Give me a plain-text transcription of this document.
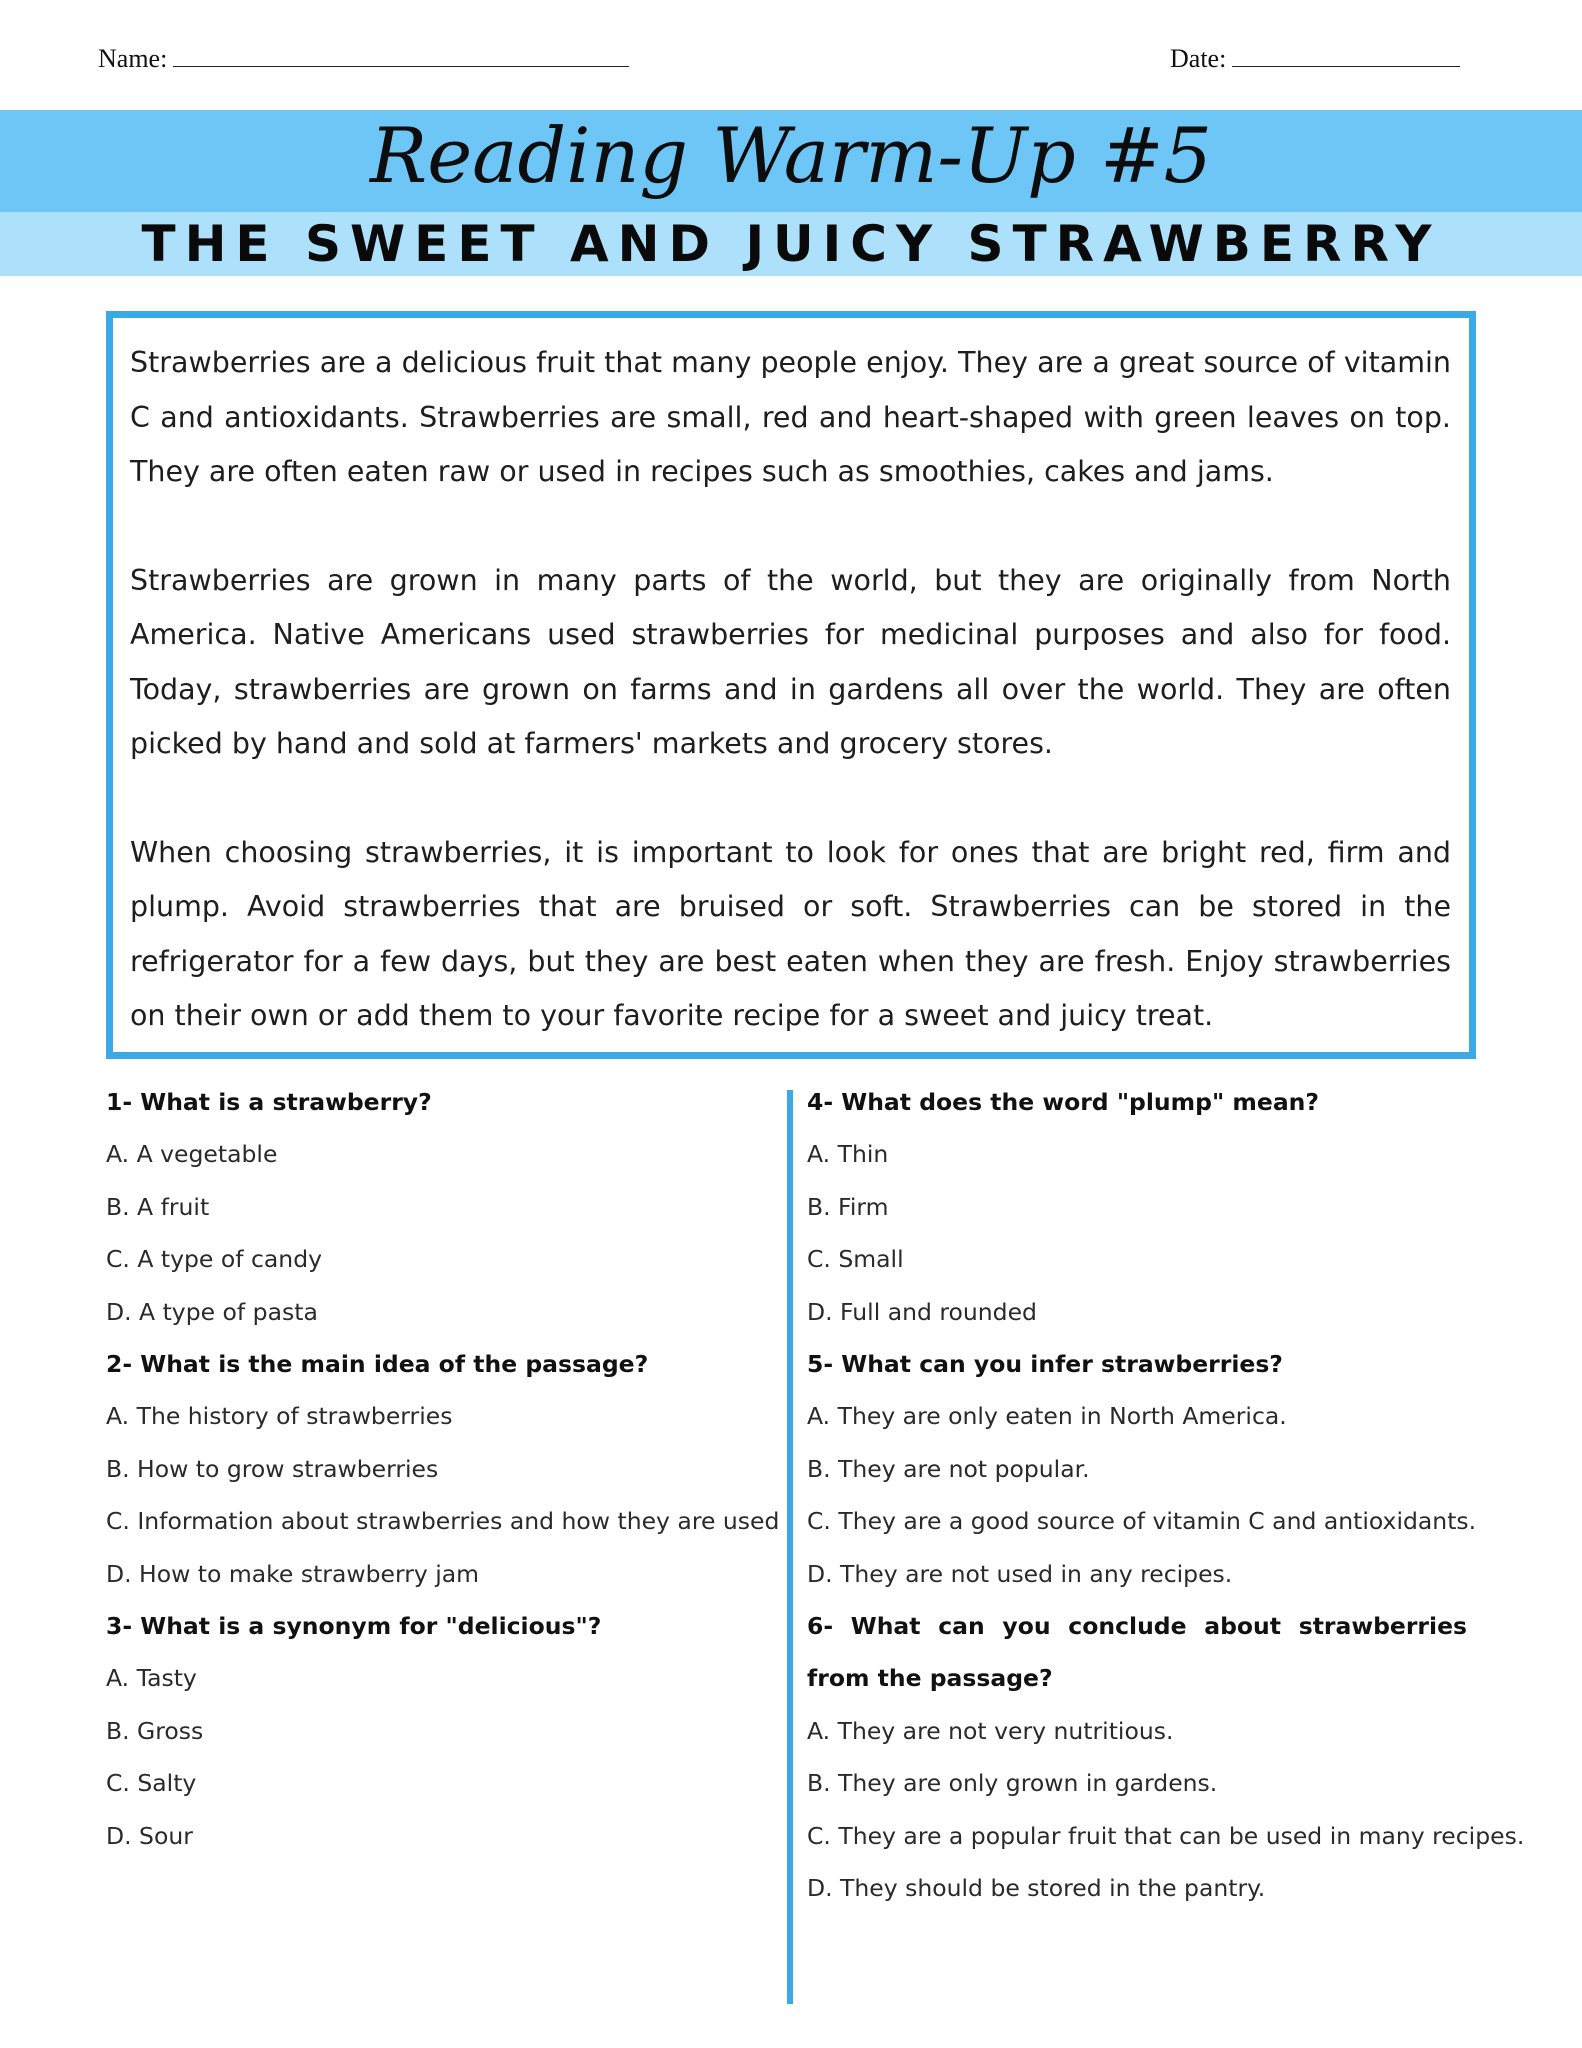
Name:	Date:
Reading Warm-Up #5
THE SWEET AND JUICY STRAWBERRY

Strawberries are a delicious fruit that many people enjoy. They are a great source of vitamin C and antioxidants. Strawberries are small, red and heart-shaped with green leaves on top. They are often eaten raw or used in recipes such as smoothies, cakes and jams.

Strawberries are grown in many parts of the world, but they are originally from North America. Native Americans used strawberries for medicinal purposes and also for food. Today, strawberries are grown on farms and in gardens all over the world. They are often picked by hand and sold at farmers' markets and grocery stores.

When choosing strawberries, it is important to look for ones that are bright red, firm and plump. Avoid strawberries that are bruised or soft. Strawberries can be stored in the refrigerator for a few days, but they are best eaten when they are fresh. Enjoy strawberries on their own or add them to your favorite recipe for a sweet and juicy treat.

1- What is a strawberry?

A. A vegetable

B. A fruit

C. A type of candy

D. A type of pasta

2- What is the main idea of the passage?

A. The history of strawberries

B. How to grow strawberries

C. Information about strawberries and how they are used

D. How to make strawberry jam

3- What is a synonym for "delicious"?

A. Tasty

B. Gross

C. Salty

D. Sour

4- What does the word "plump" mean?

A. Thin

B. Firm

C. Small

D. Full and rounded

5- What can you infer strawberries?

A. They are only eaten in North America.

B. They are not popular.

C. They are a good source of vitamin C and antioxidants.

D. They are not used in any recipes.

6- What can you conclude about strawberries from the passage?

A. They are not very nutritious.

B. They are only grown in gardens.

C. They are a popular fruit that can be used in many recipes.

D. They should be stored in the pantry.
